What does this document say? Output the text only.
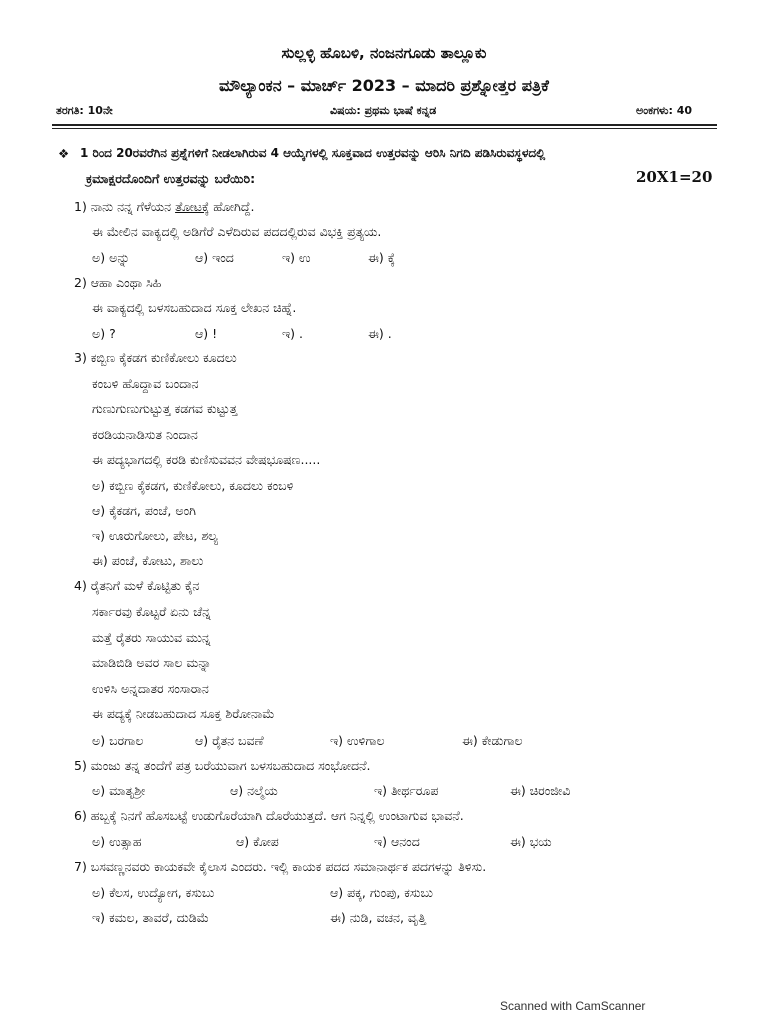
ಸುಲ್ಲಳ್ಳಿ ಹೊಬಳಿ, ನಂಜನಗೂಡು ತಾಲ್ಲೂಕು
ಮೌಲ್ಯಾಂಕನ – ಮಾರ್ಚ್ 2023 – ಮಾದರಿ ಪ್ರಶ್ನೋತ್ತರ ಪತ್ರಿಕೆ
ತರಗತಿ: 10ನೇ	ವಿಷಯ: ಪ್ರಥಮ ಭಾಷೆ ಕನ್ನಡ	ಅಂಕಗಳು: 40
❖ 1 ರಿಂದ 20ರವರೆಗಿನ ಪ್ರಶ್ನೆಗಳಿಗೆ ನೀಡಲಾಗಿರುವ 4 ಆಯ್ಕೆಗಳಲ್ಲಿ ಸೂಕ್ತವಾದ ಉತ್ತರವನ್ನು ಆರಿಸಿ ನಿಗದಿ ಪಡಿಸಿರುವಸ್ಥಳದಲ್ಲಿ
ಕ್ರಮಾಕ್ಷರದೊಂದಿಗೆ ಉತ್ತರವನ್ನು ಬರೆಯಿರಿ:	20X1=20
1) ನಾನು ನನ್ನ ಗೆಳೆಯನ ತೋಟಕ್ಕೆ ಹೋಗಿದ್ದೆ.
ಈ ಮೇಲಿನ ವಾಕ್ಯದಲ್ಲಿ ಅಡಿಗೆರೆ ಎಳೆದಿರುವ ಪದದಲ್ಲಿರುವ ವಿಭಕ್ತಿ ಪ್ರತ್ಯಯ.
ಅ) ಅನ್ನು	ಆ) ಇಂದ	ಇ) ಉ	ಈ) ಕ್ಕೆ
2) ಆಹಾ ಎಂಥಾ ಸಿಹಿ
ಈ ವಾಕ್ಯದಲ್ಲಿ ಬಳಸಬಹುದಾದ ಸೂಕ್ತ ಲೇಖನ ಚಿಹ್ನೆ.
ಅ) ?	ಆ) !	ಇ) .	ಈ) .
3) ಕಬ್ಬಿಣ ಕೈಕಡಗ ಕುಣಿಕೋಲು ಕೂದಲು
ಕಂಬಳಿ ಹೊದ್ದಾವ ಬಂದಾನ
ಗುಣುಗುಣುಗುಟ್ಟುತ್ತ ಕಡಗವ ಕುಟ್ಟುತ್ತ
ಕರಡಿಯನಾಡಿಸುತ ನಿಂದಾನ
ಈ ಪದ್ಯಭಾಗದಲ್ಲಿ ಕರಡಿ ಕುಣಿಸುವವನ ವೇಷಭೂಷಣ.....
ಅ) ಕಬ್ಬಿಣ ಕೈಕಡಗ, ಕುಣಿಕೋಲು, ಕೂದಲು ಕಂಬಳಿ
ಆ) ಕೈಕಡಗ, ಪಂಚೆ, ಅಂಗಿ
ಇ) ಊರುಗೋಲು, ಪೇಟ, ಶಲ್ಯ
ಈ) ಪಂಚೆ, ಕೋಟು, ಶಾಲು
4) ರೈತನಿಗೆ ಮಳೆ ಕೊಟ್ಟಿತು ಕೈನ
ಸರ್ಕಾರವು ಕೊಟ್ಟರೆ ಏನು ಚೆನ್ನ
ಮತ್ತೆ ರೈತರು ಸಾಯುವ ಮುನ್ನ
ಮಾಡಿಬಿಡಿ ಅವರ ಸಾಲ ಮನ್ನಾ
ಉಳಿಸಿ ಅನ್ನದಾತರ ಸಂಸಾರಾನ
ಈ ಪದ್ಯಕ್ಕೆ ನೀಡಬಹುದಾದ ಸೂಕ್ತ ಶಿರೋನಾಮೆ
ಅ) ಬರಗಾಲ	ಆ) ರೈತನ ಬವಣೆ	ಇ) ಉಳಿಗಾಲ	ಈ) ಕೇಡುಗಾಲ
5) ಮಂಜು ತನ್ನ ತಂದೆಗೆ ಪತ್ರ ಬರೆಯುವಾಗ ಬಳಸಬಹುದಾದ ಸಂಭೋದನೆ.
ಅ) ಮಾತೃಶ್ರೀ	ಆ) ನಲ್ಮೆಯ	ಇ) ತೀರ್ಥರೂಪ	ಈ) ಚಿರಂಜೀವಿ
6) ಹಬ್ಬಕ್ಕೆ ನಿನಗೆ ಹೊಸಬಟ್ಟೆ ಉಡುಗೊರೆಯಾಗಿ ದೊರೆಯುತ್ತದೆ. ಆಗ ನಿನ್ನಲ್ಲಿ ಉಂಟಾಗುವ ಭಾವನೆ.
ಅ) ಉತ್ಸಾಹ	ಆ) ಕೋಪ	ಇ) ಆನಂದ	ಈ) ಭಯ
7) ಬಸವಣ್ಣನವರು ಕಾಯಕವೇ ಕೈಲಾಸ ಎಂದರು. ಇಲ್ಲಿ ಕಾಯಕ ಪದದ ಸಮಾನಾರ್ಥಕ ಪದಗಳನ್ನು ತಿಳಿಸು.
ಅ) ಕೆಲಸ, ಉದ್ಯೋಗ, ಕಸುಬು	ಆ) ಪಕ್ಕ, ಗುಂಪು, ಕಸುಬು
ಇ) ಕಮಲ, ತಾವರೆ, ದುಡಿಮೆ	ಈ) ನುಡಿ, ವಚನ, ವೃತ್ತಿ
Scanned with CamScanner
